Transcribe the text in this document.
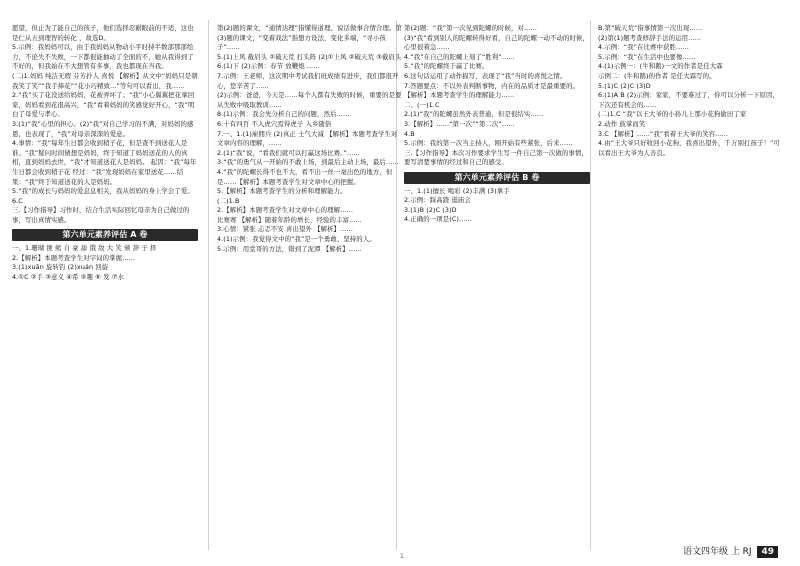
愿望，但止为了能自己的孩子，他们选择忍耐眼前的不适，这也是仁从五到理智的转化 ，故选D。

5.示例：我妈妈可以，由于我妈妈从物动小平时持半数部那部绘力，不论失不失败，一下都很能抽动了全面的不，她从我得到了不好的，但我始在不大想管有多事，我也都现在当我。

(二)1.妈妈 纯洁无瑕 芬芳扑人 喜悦 【解析】从文中“妈妈只是朝我笑了笑”“我手捧花”“花小巧精致...”等句可以看出，我……

2.“我”买了花没送给妈妈，花被弄坏了；“我”小心翼翼把花拿回家，妈妈看到花很高兴，“我”看着妈妈的笑感觉好开心，“我”明白了母爱与孝心。

3.(1)“我”心里的担心。(2)“我”对自己学习的不满，对妈妈的感恩，也表现了，“我”对母亲深深的爱意。

4.事情：“我”每年生日都会收到稍子花，但是查不到送花人是谁。“我”疑问时间猜想是妈妈，终于知道了妈妈送花的人的真相，直到妈妈去世，“我”才知道送花人是妈妈。 起因：“我”每年生日都会收到稍子花 经过：“我”发现妈妈在家里送花……结果：“我”终于知道送花的人是妈妈。

5.“我”的成长与妈妈的爱息息相关，我从妈妈的身上学会了爱。

6.C

三.【习作指导】习作时，结合生活实际回忆母亲为自己做过的事，写出真情实感。

第六单元素养评估 A 卷

一、1.珊瑚 匪 熊 自 豪 舔 饿 敌 大 笑 颁 辞 子 择

2.【解析】本题考查学生对字词的掌握……

3.(1)xuān 旋转钓 (2)xuán 回旋

4.①C ②手 ③意义 ④希 ⑤趣 ⑥ 发 ⑦水

第(2)题的课文，“通情达理”指懂得道理、说话做事合情合理。第(3)题的课文，“变着戏法”指想方设法，变化多端，“寻小孩子”……

5.(1)上风 截眉头 ②破天荒 打头阵 (2)①上风 ②破天荒 ③截眉头

6.(1)下 (2)示例：春节 放鞭炮 ……

7.示例：王老师，这次期中考试我们班成绩有进步，我们都很开心，您辛苦了……

(2)示例：爸爸，今天是……每个人都有失败的时候，重要的是要从失败中吸取教训……

8.(1)示例：我会先分析自己的问题，然后……

6.十有四百 不入虎穴焉得虎子 入乡随俗

7.一、1.(1)雇佣兵 (2)真正 士气大减 【解析】本题考查学生对文章内容的理解，……

2.(1)“我”说，“看我们就可以打赢这场比赛。”……

3.“我”的勇气从一开始的不敢上场，到最后主动上场，最后……

4.“我”的陀螺长得不也不大，看不出一丝一毫出色的地方，但是……【解析】本题考查学生对文章中心的把握。

5.【解析】本题考查学生的分析和理解能力。

(二)1.B

2.【解析】本题考查学生对文章中心的理解……

比赛赛 【解析】随着年龄的增长，经验的丰富……

3.心情：紧张 忐忑不安 喜出望外 【解析】……

4.(1)示例：我觉得文中的“我”是一个勇敢、坚持的人。

5.示例：用堂哥的方法，错到了泥潭 【解析】……

第(2)题：“我”第一次见到陀螺的时候，对……

(3)“我”看到别人的陀螺转得好看，自己的陀螺一动不动的时候，心里很着急……

4.“我”在自己的陀螺上刻了“胜利”……

5.“我”的陀螺终于赢了比赛。

6.这句话运用了动作描写，表现了“我”当时的喜悦之情。

7.答题要点：不以外表判断事物，内在的品质才是最重要的。

【解析】本题考查学生的理解能力……

二、(一)1.C

2.(1)“我”的陀螺虽然外表普通，但是很结实……

3.【解析】……“第一次”“第二次”……

4.B

5.示例：我的第一次当主持人，刚开始有些紧张，后来……

三.【习作指导】本次习作要求学生写一件自己第一次做的事情，要写清楚事情的经过和自己的感受。

第六单元素养评估 B 卷

一、1.(1)擅长 喝彩 (2)丰满 (3)拿手

2.示例：踩高跷 逛庙会

3.(1)B (2)C (3)D

4.正确的一项是(C)……

B.第“破天荒”指事情第一次出现……

(2)第(1)题考查修辞手法的运用……

4.示例：“我”在比赛中获胜……

5.示例：“我”在生活中也要像……

4.(1)示例一：(牛和鹅)一文的作者是任大霖

示例二：(牛和鹅)的作者 是任大霖写的。

5.(1)C (2)C (3)D

6.(1)A B (2)示例：家家，不要难过了，你可以分析一下原因，下次还有机会的……

(二)1.C “我”以王大爷的小孙儿上那小花狗偷田了家

2.动作 鼓掌而笑

3.C 【解析】……“我”看着王大爷的笑容……

4.由“王大爷只好收回小花狗，我喜出望外，千万别打孩子！”可以看出王大爷为人善良。

1	语文四年级 上 RJ 49
